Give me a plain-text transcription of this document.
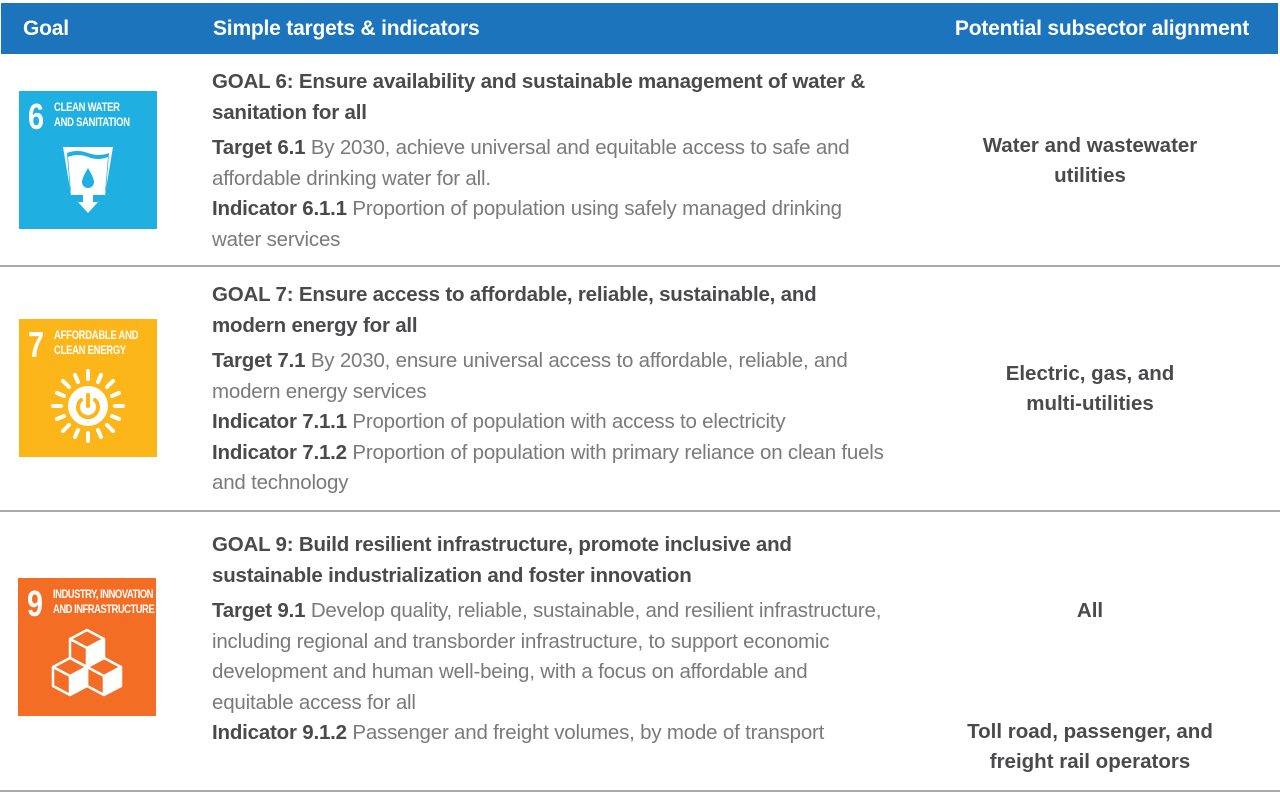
Goal	Simple targets & indicators	Potential subsector alignment
6 CLEAN WATER
AND SANITATION
GOAL 6: Ensure availability and sustainable management of water & sanitation for all
Target 6.1 By 2030, achieve universal and equitable access to safe and affordable drinking water for all.
Indicator 6.1.1 Proportion of population using safely managed drinking water services
Water and wastewater utilities
7 AFFORDABLE AND
CLEAN ENERGY
GOAL 7: Ensure access to affordable, reliable, sustainable, and modern energy for all
Target 7.1 By 2030, ensure universal access to affordable, reliable, and modern energy services
Indicator 7.1.1 Proportion of population with access to electricity
Indicator 7.1.2 Proportion of population with primary reliance on clean fuels and technology
Electric, gas, and multi-utilities
9 INDUSTRY, INNOVATION
AND INFRASTRUCTURE
GOAL 9: Build resilient infrastructure, promote inclusive and sustainable industrialization and foster innovation
Target 9.1 Develop quality, reliable, sustainable, and resilient infrastructure, including regional and transborder infrastructure, to support economic development and human well-being, with a focus on affordable and equitable access for all
Indicator 9.1.2 Passenger and freight volumes, by mode of transport
All
Toll road, passenger, and freight rail operators
